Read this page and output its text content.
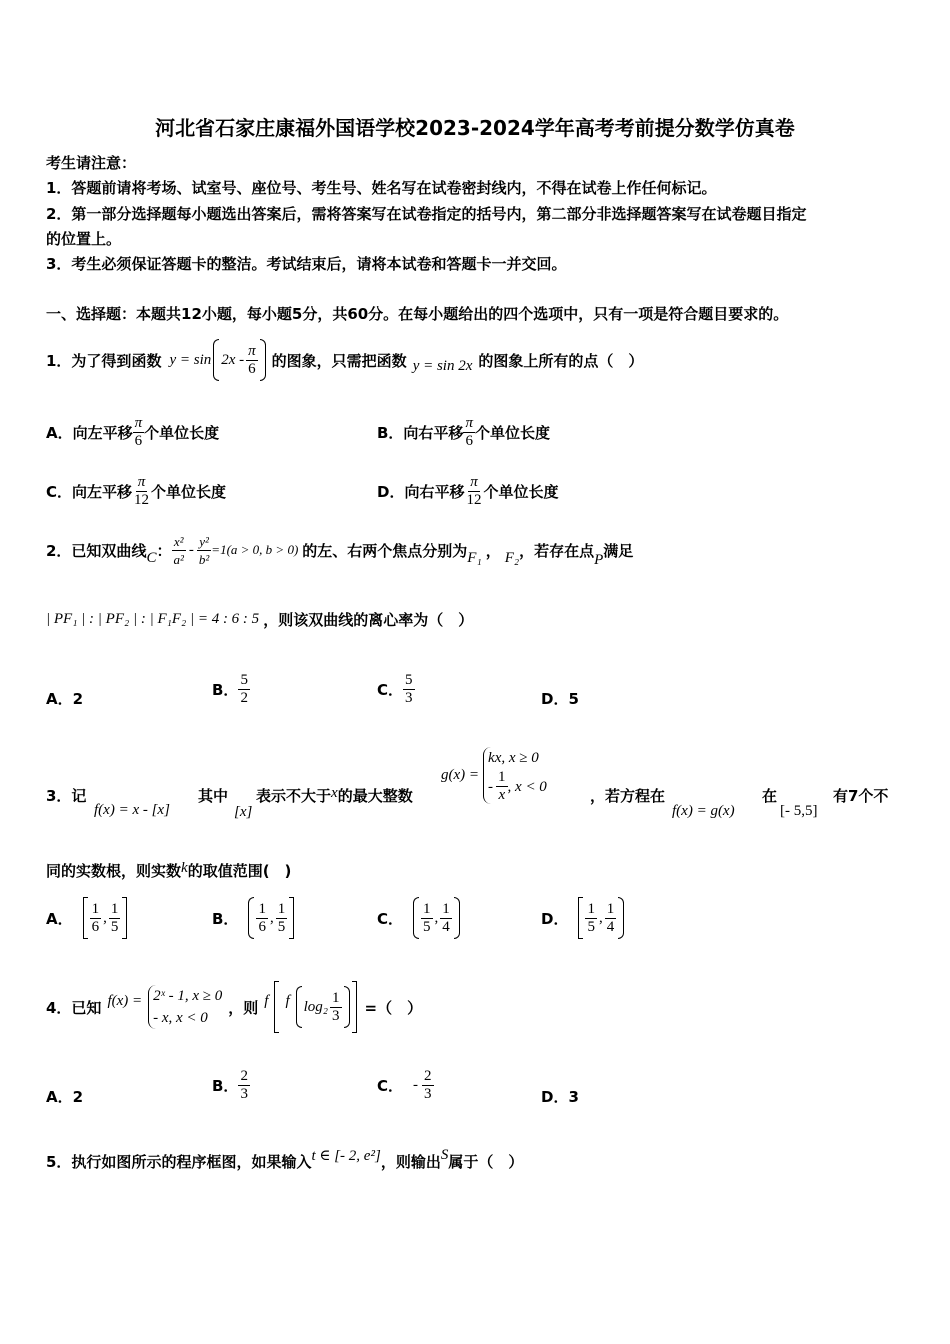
河北省石家庄康福外国语学校2023-2024学年高考考前提分数学仿真卷
考生请注意：
1．答题前请将考场、试室号、座位号、考生号、姓名写在试卷密封线内，不得在试卷上作任何标记。
2．第一部分选择题每小题选出答案后，需将答案写在试卷指定的括号内，第二部分非选择题答案写在试卷题目指定
的位置上。
3．考生必须保证答题卡的整洁。考试结束后，请将本试卷和答题卡一并交回。
一、选择题：本题共12小题，每小题5分，共60分。在每小题给出的四个选项中，只有一项是符合题目要求的。
1．为了得到函数 $y = \sin 2x - \frac{\pi}{6}$ 的图象，只需把函数 y = sin 2x 的图象上所有的点（　）
A．向左平移 $\frac{\pi}{6}$ 个单位长度	B．向右平移 $\frac{\pi}{6}$ 个单位长度
C．向左平移 $\frac{\pi}{12}$ 个单位长度	D．向右平移 $\frac{\pi}{12}$ 个单位长度
2．已知双曲线 C ： $\frac{\text{x²}}{\text{a²}} - \frac{\text{y²}}{\text{b²}} =1(a > 0$, b > 0) 的左、右两个焦点分别为 F₁ ， F₂ ，若存在点 P 满足
| PF₁ | : | PF₂ | : | F₁F₂ | = 4 : 6 : 5 ，则该双曲线的离心率为（　）
A．2
B． $\frac{5}{2}$	C． $\frac{5}{3}$	D．5
3．记
f(x) = x - [x]
其中
[x]
表示不大于 x 的最大整数
g(x) =
kx, x ≥ 0
- $\frac{1}{x}$ , x < 0
，若方程在
f(x) = g(x)
在
[- 5,5]
有7个不
同的实数根，则实数 k 的取值范围(　)
A． $\frac{1}{6}$ , $\frac{1}{5}$	B． $\frac{1}{6}$ , $\frac{1}{5}$	C． $\frac{1}{5}$ , $\frac{1}{4}$	D． $\frac{1}{5}$ , $\frac{1}{4}$
4．已知 f(x) = 2ˣ - 1, x ≥ 0
- x, x < 0
，则 f f $\log_2 \frac{1}{3}$ =（　）
A．2
B． $\frac{2}{3}$	C． - $\frac{2}{3}$	D．3
5．执行如图所示的程序框图，如果输入 t ∈ [- 2, e²] ，则输出 S 属于（　）
